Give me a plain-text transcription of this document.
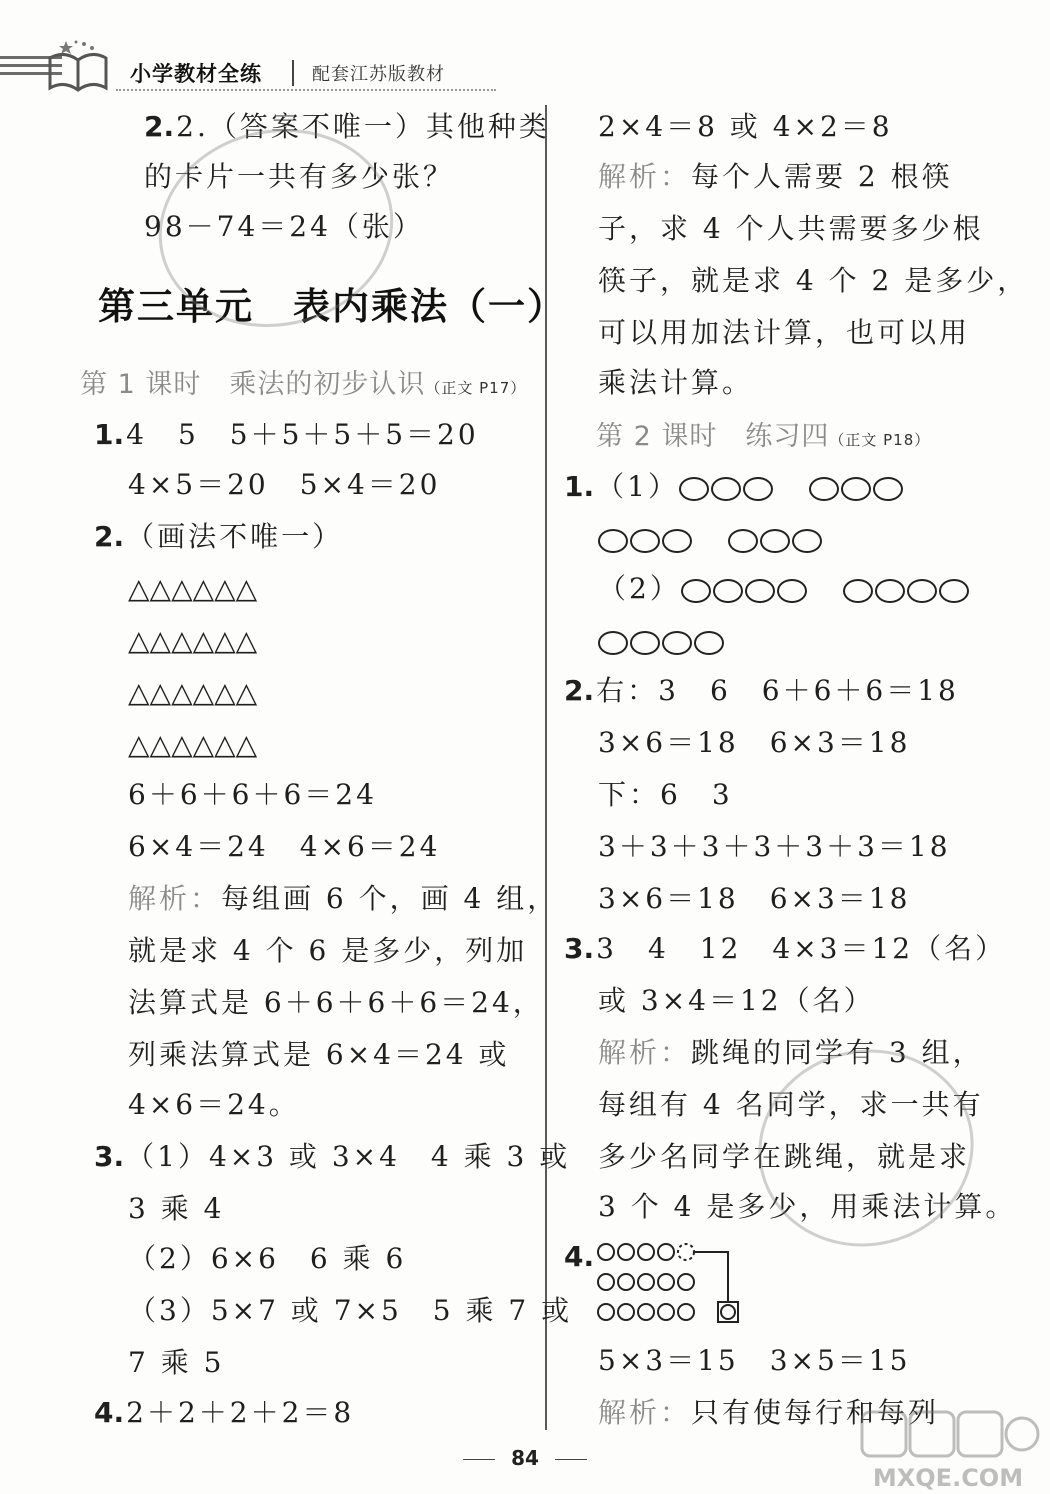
小学教材全练	配套江苏版教材
2.2.（答案不唯一）其他种类
的卡片一共有多少张？
98－74＝24（张）
第三单元　表内乘法（一）
第 1 课时　乘法的初步认识（正文 P17）
1.4　5　5＋5＋5＋5＝20
4×5＝20　5×4＝20
2.（画法不唯一）
△△△△△△
△△△△△△
△△△△△△
△△△△△△
6＋6＋6＋6＝24
6×4＝24　4×6＝24
解析：每组画 6 个，画 4 组，
就是求 4 个 6 是多少，列加
法算式是 6＋6＋6＋6＝24，
列乘法算式是 6×4＝24 或
4×6＝24。
3.（1）4×3 或 3×4　4 乘 3 或
3 乘 4
（2）6×6　6 乘 6
（3）5×7 或 7×5　5 乘 7 或
7 乘 5
4.2＋2＋2＋2＝8
2×4＝8 或 4×2＝8
解析：每个人需要 2 根筷
子，求 4 个人共需要多少根
筷子，就是求 4 个 2 是多少，
可以用加法计算，也可以用
乘法计算。
第 2 课时　练习四（正文 P18）
1.（1）
（2）
2.右：3　6　6＋6＋6＝18
3×6＝18　6×3＝18
下：6　3
3＋3＋3＋3＋3＋3＝18
3×6＝18　6×3＝18
3.3　4　12　4×3＝12（名）
或 3×4＝12（名）
解析：跳绳的同学有 3 组，
每组有 4 名同学，求一共有
多少名同学在跳绳，就是求
3 个 4 是多少，用乘法计算。
4.
5×3＝15　3×5＝15
解析：只有使每行和每列
84
MXQE.COM
